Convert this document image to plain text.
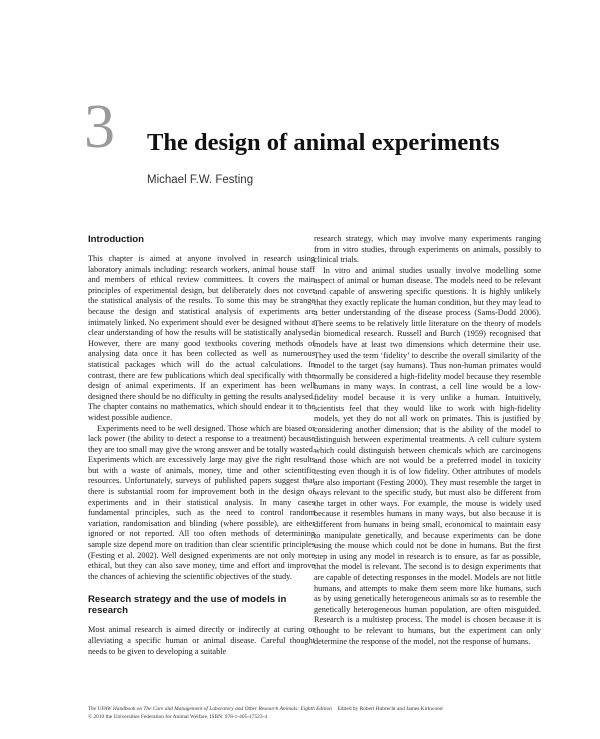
3 The design of animal experiments
Michael F.W. Festing
Introduction

This chapter is aimed at anyone involved in research using laboratory animals including: research workers, animal house staff and members of ethical review committees. It covers the main principles of experimental design, but deliberately does not cover the statistical analysis of the results. To some this may be strange because the design and statistical analysis of experiments are intimately linked. No experiment should ever be designed without a clear understanding of how the results will be statistically analysed. However, there are many good textbooks covering methods of analysing data once it has been collected as well as numerous statistical packages which will do the actual calculations. In contrast, there are few publications which deal specifically with the design of animal experiments. If an experiment has been well designed there should be no difficulty in getting the results analysed. The chapter contains no mathematics, which should endear it to the widest possible audience.

Experiments need to be well designed. Those which are biased or lack power (the ability to detect a response to a treatment) because they are too small may give the wrong answer and be totally wasted. Experiments which are excessively large may give the right results but with a waste of animals, money, time and other scientific resources. Unfortunately, surveys of published papers suggest that there is substantial room for improvement both in the design of experiments and in their statistical analysis. In many cases fundamental principles, such as the need to control random variation, randomisation and blinding (where possible), are either ignored or not reported. All too often methods of determining sample size depend more on tradition than clear scientific principles (Festing et al. 2002). Well designed experiments are not only more ethical, but they can also save money, time and effort and improve the chances of achieving the scientific objectives of the study.

Research strategy and the use of models in research

Most animal research is aimed directly or indirectly at curing or alleviating a specific human or animal disease. Careful thought needs to be given to developing a suitable

research strategy, which may involve many experiments ranging from in vitro studies, through experiments on animals, possibly to clinical trials.

In vitro and animal studies usually involve modelling some aspect of animal or human disease. The models need to be relevant and capable of answering specific questions. It is highly unlikely that they exactly replicate the human condition, but they may lead to a better understanding of the disease process (Sams-Dodd 2006). There seems to be relatively little literature on the theory of models in biomedical research. Russell and Burch (1959) recognised that models have at least two dimensions which determine their use. They used the term ‘fidelity’ to describe the overall similarity of the model to the target (say humans). Thus non-human primates would normally be considered a high-fidelity model because they resemble humans in many ways. In contrast, a cell line would be a low-fidelity model because it is very unlike a human. Intuitively, scientists feel that they would like to work with high-fidelity models, yet they do not all work on primates. This is justified by considering another dimension; that is the ability of the model to distinguish between experimental treatments. A cell culture system which could distinguish between chemicals which are carcinogens and those which are not would be a preferred model in toxicity testing even though it is of low fidelity. Other attributes of models are also important (Festing 2000). They must resemble the target in ways relevant to the specific study, but must also be different from the target in other ways. For example, the mouse is widely used because it resembles humans in many ways, but also because it is different from humans in being small, economical to maintain easy to manipulate genetically, and because experiments can be done using the mouse which could not be done in humans. But the first step in using any model in research is to ensure, as far as possible, that the model is relevant. The second is to design experiments that are capable of detecting responses in the model. Models are not little humans, and attempts to make them seem more like humans, such as by using genetically heterogeneous animals so as to resemble the genetically heterogeneous human population, are often misguided. Research is a multistep process. The model is chosen because it is thought to be relevant to humans, but the experiment can only determine the response of the model, not the response of humans.

The UFAW Handbook on The Care and Management of Laboratory and Other Research Animals: Eighth Edition Edited by Robert Hubrecht and James Kirkwood
© 2010 the Universities Federation for Animal Welfare. ISBN: 978-1-405-17523-4
